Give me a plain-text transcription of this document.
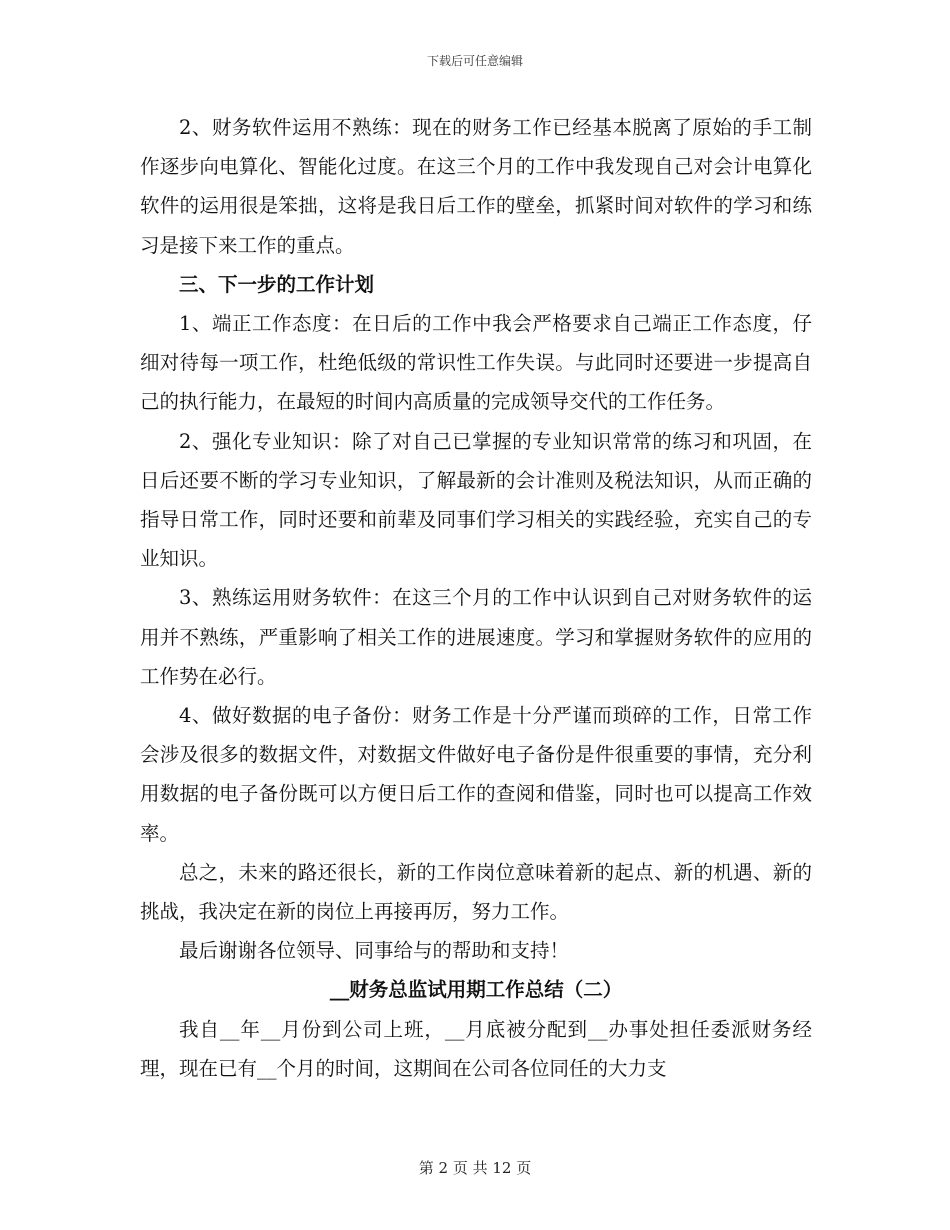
下载后可任意编辑

2、财务软件运用不熟练：现在的财务工作已经基本脱离了原始的手工制作逐步向电算化、智能化过度。在这三个月的工作中我发现自己对会计电算化软件的运用很是笨拙，这将是我日后工作的壁垒，抓紧时间对软件的学习和练习是接下来工作的重点。

三、下一步的工作计划

1、端正工作态度：在日后的工作中我会严格要求自己端正工作态度，仔细对待每一项工作，杜绝低级的常识性工作失误。与此同时还要进一步提高自己的执行能力，在最短的时间内高质量的完成领导交代的工作任务。

2、强化专业知识：除了对自己已掌握的专业知识常常的练习和巩固，在日后还要不断的学习专业知识，了解最新的会计准则及税法知识，从而正确的指导日常工作，同时还要和前辈及同事们学习相关的实践经验，充实自己的专业知识。

3、熟练运用财务软件：在这三个月的工作中认识到自己对财务软件的运用并不熟练，严重影响了相关工作的进展速度。学习和掌握财务软件的应用的工作势在必行。

4、做好数据的电子备份：财务工作是十分严谨而琐碎的工作，日常工作会涉及很多的数据文件，对数据文件做好电子备份是件很重要的事情，充分利用数据的电子备份既可以方便日后工作的查阅和借鉴，同时也可以提高工作效率。

总之，未来的路还很长，新的工作岗位意味着新的起点、新的机遇、新的挑战，我决定在新的岗位上再接再厉，努力工作。

最后谢谢各位领导、同事给与的帮助和支持！

__财务总监试用期工作总结（二）

我自__年__月份到公司上班，__月底被分配到__办事处担任委派财务经理，现在已有__个月的时间，这期间在公司各位同任的大力支

第 2 页 共 12 页
